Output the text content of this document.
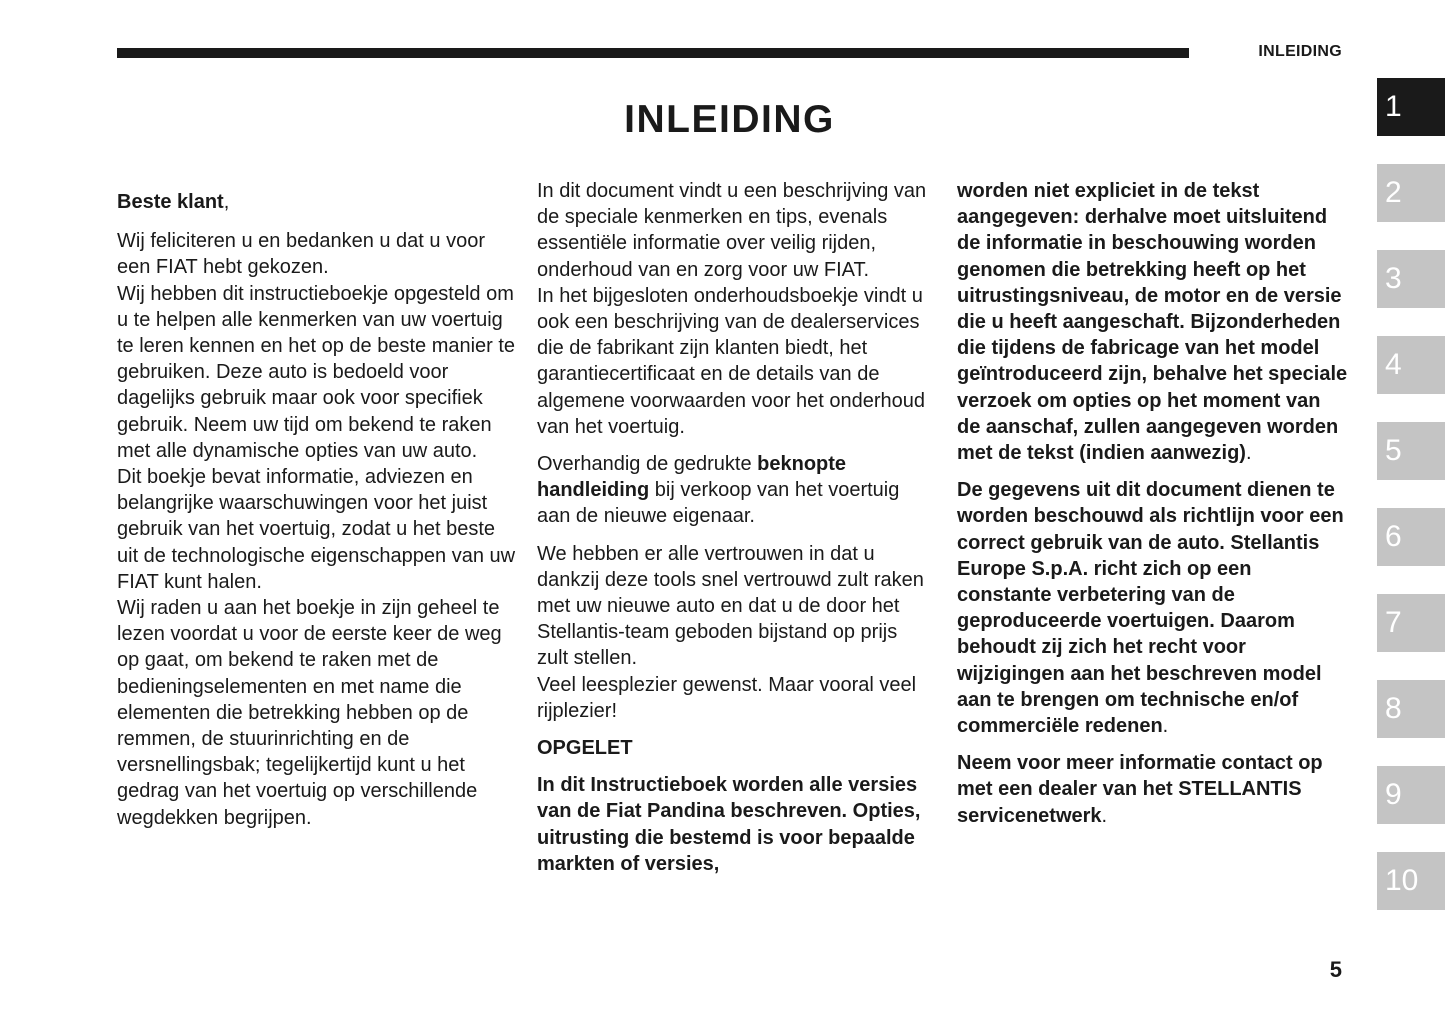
INLEIDING
INLEIDING

Beste klant,

Wij feliciteren u en bedanken u dat u voor een FIAT hebt gekozen.
Wij hebben dit instructieboekje opgesteld om u te helpen alle kenmerken van uw voertuig te leren kennen en het op de beste manier te gebruiken. Deze auto is bedoeld voor dagelijks gebruik maar ook voor specifiek gebruik. Neem uw tijd om bekend te raken met alle dynamische opties van uw auto.
Dit boekje bevat informatie, adviezen en belangrijke waarschuwingen voor het juist gebruik van het voertuig, zodat u het beste uit de technologische eigenschappen van uw FIAT kunt halen.
Wij raden u aan het boekje in zijn geheel te lezen voordat u voor de eerste keer de weg op gaat, om bekend te raken met de bedieningselementen en met name die elementen die betrekking hebben op de remmen, de stuurinrichting en de versnellingsbak; tegelijkertijd kunt u het gedrag van het voertuig op verschillende wegdekken begrijpen.

In dit document vindt u een beschrijving van de speciale kenmerken en tips, evenals essentiële informatie over veilig rijden, onderhoud van en zorg voor uw FIAT.
In het bijgesloten onderhoudsboekje vindt u ook een beschrijving van de dealerservices die de fabrikant zijn klanten biedt, het garantiecertificaat en de details van de algemene voorwaarden voor het onderhoud van het voertuig.

Overhandig de gedrukte beknopte handleiding bij verkoop van het voertuig aan de nieuwe eigenaar.

We hebben er alle vertrouwen in dat u dankzij deze tools snel vertrouwd zult raken met uw nieuwe auto en dat u de door het Stellantis-team geboden bijstand op prijs zult stellen.
Veel leesplezier gewenst. Maar vooral veel rijplezier!

OPGELET

In dit Instructieboek worden alle versies van de Fiat Pandina beschreven. Opties, uitrusting die bestemd is voor bepaalde markten of versies,

worden niet expliciet in de tekst aangegeven: derhalve moet uitsluitend de informatie in beschouwing worden genomen die betrekking heeft op het uitrustingsniveau, de motor en de versie die u heeft aangeschaft. Bijzonderheden die tijdens de fabricage van het model geïntroduceerd zijn, behalve het speciale verzoek om opties op het moment van de aanschaf, zullen aangegeven worden met de tekst (indien aanwezig).

De gegevens uit dit document dienen te worden beschouwd als richtlijn voor een correct gebruik van de auto. Stellantis Europe S.p.A. richt zich op een constante verbetering van de geproduceerde voertuigen. Daarom behoudt zij zich het recht voor wijzigingen aan het beschreven model aan te brengen om technische en/of commerciële redenen.

Neem voor meer informatie contact op met een dealer van het STELLANTIS servicenetwerk.

1
2
3
4
5
6
7
8
9
10
5
